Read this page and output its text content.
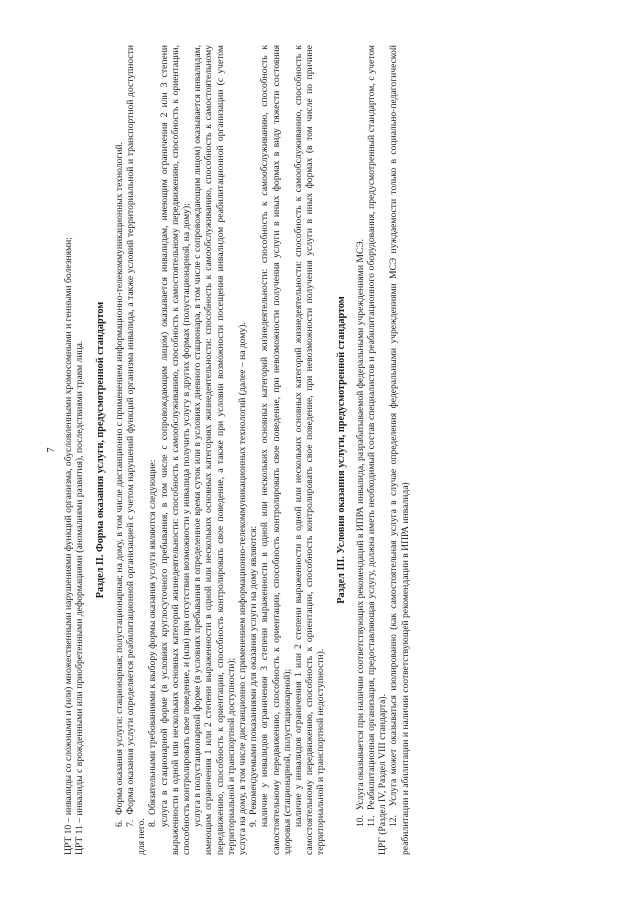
7 ЦРТ 10 – инвалиды со сложными и (или) множественными нарушениями функций организма, обусловленными хромосомными и генными болезнями; ЦРТ 11 – инвалиды с врожденными или приобретенными деформациями (аномалиями развития), последствиями травм лица. Раздел II. Форма оказания услуги, предусмотренной стандартом 6.  Форма оказания услуги: стационарная; полустационарная; на дому, в том числе дистанционно с применением информационно-телекоммуникационных технологий. 7.  Форма оказания услуги определяется реабилитационной организацией с учетом нарушений функций организма инвалида, а также условий территориальной и транспортной доступности для него.

8.  Обязательными требованиями к выбору формы оказания услуги являются следующие: услуга в стационарной форме (в условиях круглосуточного пребывания, в том числе с сопровождающим лицом) оказывается инвалидам, имеющим ограничения 2 или 3 степени выраженности в одной или нескольких основных категорий жизнедеятельности: способность к самообслуживанию, способность к самостоятельному передвижению, способность к ориентации, способность контролировать свое поведение, и (или) при отсутствии возможности у инвалида получить услугу в других формах (полустационарной, на дому); услуга в полустационарной форме (в условиях пребывания в определенное время суток или в условиях дневного стационара, в том числе с сопровождающим лицом) оказывается инвалидам, имеющим ограничения 1 или 2 степени выраженности в одной или нескольких основных категориях жизнедеятельности: способность к самообслуживанию, способность к самостоятельному передвижению, способность к ориентации, способность контролировать свое поведение, а также при условии возможности посещения инвалидом реабилитационной организации (с учетом территориальной и транспортной доступности); услуга на дому, в том числе дистанционно с применением информационно-телекоммуникационных технологий (далее – на дому). 9.  Рекомендуемыми показаниями для оказания услуги на дому являются: наличие у инвалидов ограничения 3 степени выраженности в одной или нескольких основных категорий жизнедеятельности: способность к самообслуживанию, способность к самостоятельному передвижению, способность к ориентации, способность контролировать свое поведение, при невозможности получения услуги в иных формах в виду тяжести состояния здоровья (стационарной, полустационарной); наличие у инвалидов ограничения 1 или 2 степени выраженности в одной или нескольких основных категорий жизнедеятельности: способность к самообслуживанию, способность к самостоятельному передвижению, способность к ориентации, способность контролировать свое поведение, при невозможности получения услуги в иных формах (в том числе по причине территориальной и транспортной недоступности).

Раздел III. Условия оказания услуги, предусмотренной стандартом 10.  Услуга оказывается при наличии соответствующих рекомендаций в ИПРА инвалида, разрабатываемой федеральными учреждениями МСЭ. 11.  Реабилитационная организация, предоставляющая услугу, должна иметь необходимый состав специалистов и реабилитационного оборудования, предусмотренный стандартом, с учетом ЦРГ (Раздел IV, Раздел VIII стандарта). 12.  Услуга может оказываться изолированно (как самостоятельная услуга в случае определения федеральными учреждениями МСЭ нуждаемости только в социально-педагогической реабилитации и абилитации и наличии соответствующей рекомендации в ИПРА инвалида)
